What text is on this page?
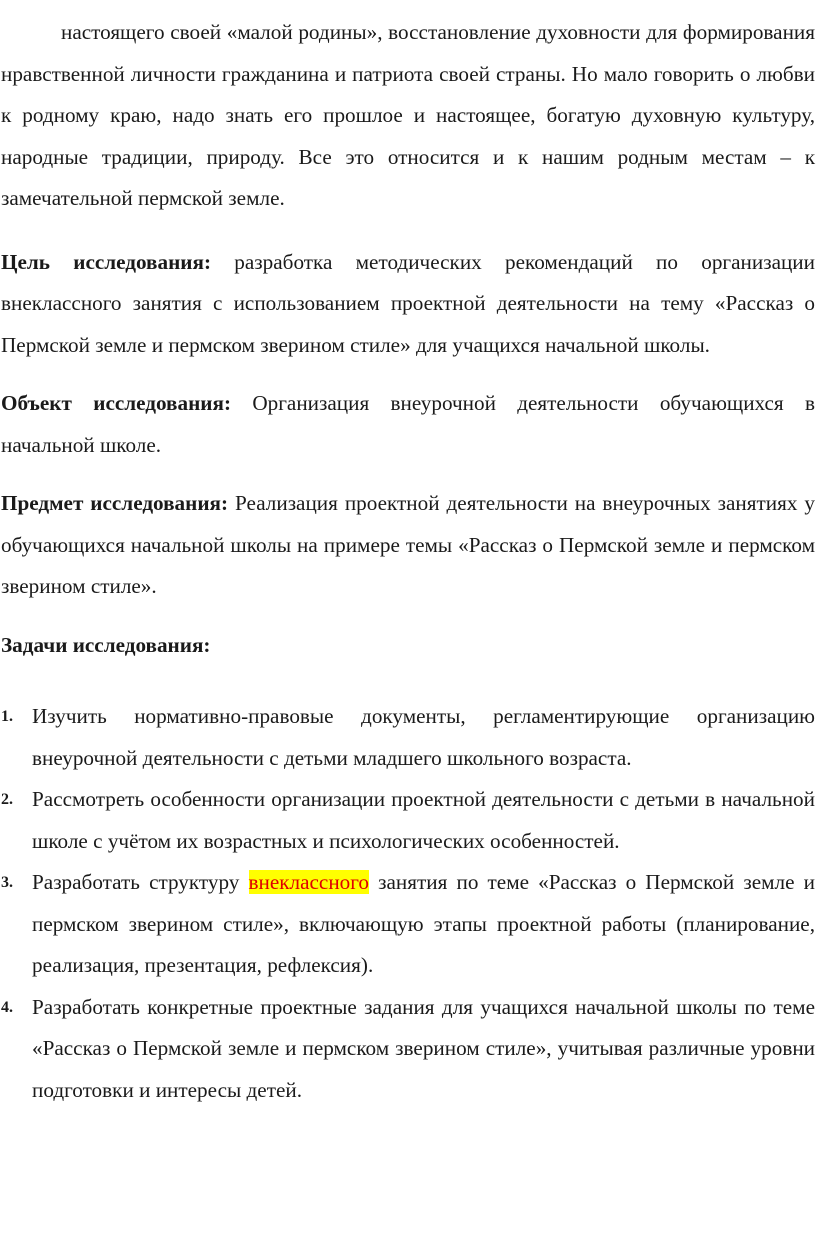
настоящего своей «малой родины», восстановление духовности для формирования нравственной личности гражданина и патриота своей страны. Но мало говорить о любви к родному краю, надо знать его прошлое и настоящее, богатую духовную культуру, народные традиции, природу. Все это относится и к нашим родным местам – к замечательной пермской земле.

Цель исследования: разработка методических рекомендаций по организации внеклассного занятия с использованием проектной деятельности на тему «Рассказ о Пермской земле и пермском зверином стиле» для учащихся начальной школы.

Объект исследования: Организация внеурочной деятельности обучающихся в начальной школе.

Предмет исследования: Реализация проектной деятельности на внеурочных занятиях у обучающихся начальной школы на примере темы «Рассказ о Пермской земле и пермском зверином стиле».

Задачи исследования:

1. Изучить нормативно-правовые документы, регламентирующие организацию внеурочной деятельности с детьми младшего школьного возраста.
2. Рассмотреть особенности организации проектной деятельности с детьми в начальной школе с учётом их возрастных и психологических особенностей.
3. Разработать структуру внеклассного занятия по теме «Рассказ о Пермской земле и пермском зверином стиле», включающую этапы проектной работы (планирование, реализация, презентация, рефлексия).
4. Разработать конкретные проектные задания для учащихся начальной школы по теме «Рассказ о Пермской земле и пермском зверином стиле», учитывая различные уровни подготовки и интересы детей.
